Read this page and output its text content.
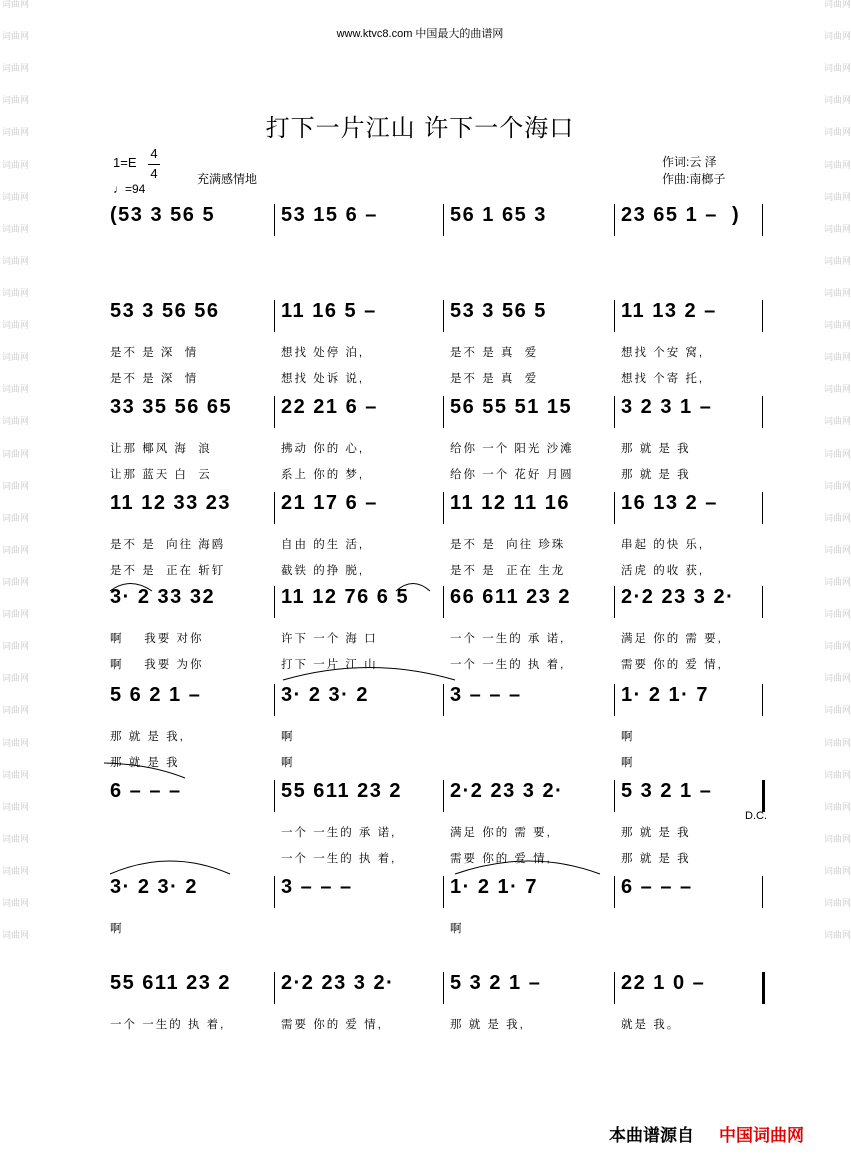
词曲网

词曲网

词曲网

词曲网

词曲网

词曲网

词曲网

词曲网

词曲网

词曲网

词曲网

词曲网

词曲网

词曲网

词曲网

词曲网

词曲网

词曲网

词曲网

词曲网

词曲网

词曲网

词曲网

词曲网

词曲网

词曲网

词曲网

词曲网

词曲网

词曲网

词曲网

词曲网

词曲网

词曲网

词曲网

词曲网

词曲网

词曲网

词曲网

词曲网

词曲网

词曲网

词曲网

词曲网

词曲网

词曲网

词曲网

词曲网

词曲网

词曲网

词曲网

词曲网

词曲网

词曲网

词曲网

词曲网

词曲网

词曲网

词曲网

词曲网

www.ktvc8.com 中国最大的曲谱网
打下一片江山 许下一个海口
1=E
4
4
♩=94
充满感情地
作词:云 泽
作曲:南榔子
(53 3 56 5	53 15 6 –	56 1 65 3	23 65 1 –  )
53 3 56 56
是不 是 深  情
是不 是 深  情
11 16 5 –
想找 处停 泊,
想找 处诉 说,
53 3 56 5
是不 是 真  爱
是不 是 真  爱
11 13 2 –
想找 个安 窝,
想找 个寄 托,
33 35 56 65
让那 椰风 海  浪
让那 蓝天 白  云
22 21 6 –
拂动 你的 心,
系上 你的 梦,
56 55 51 15
给你 一个 阳光 沙滩
给你 一个 花好 月圆
3 2 3 1 –
那 就 是 我
那 就 是 我
11 12 33 23
是不 是  向往 海鸥
是不 是  正在 斩钉
21 17 6 –
自由 的生 活,
截铁 的挣 脱,
11 12 11 16
是不 是  向往 珍珠
是不 是  正在 生龙
16 13 2 –
串起 的快 乐,
活虎 的收 获,
3· 2 33 32
啊    我要 对你
啊    我要 为你
11 12 76 6 5
许下 一个 海 口
打下 一片 江 山
66 611 23 2
一个 一生的 承 诺,
一个 一生的 执 着,
2·2 23 3 2·
满足 你的 需 要,
需要 你的 爱 情,
5 6 2 1 –
那 就 是 我,
那 就 是 我
3· 2 3· 2
啊
啊
3 – – –	1· 2 1· 7
啊
啊
6 – – –	55 611 23 2
一个 一生的 承 诺,
一个 一生的 执 着,
2·2 23 3 2·
满足 你的 需 要,
需要 你的 爱 情,
5 3 2 1 –
那 就 是 我
那 就 是 我
D.C.
3· 2 3· 2
啊
3 – – –	1· 2 1· 7
啊
6 – – –
55 611 23 2
一个 一生的 执 着,
2·2 23 3 2·
需要 你的 爱 情,
5 3 2 1 –
那 就 是 我,
22 1 0 –
就是 我。
本曲谱源自 中国词曲网
